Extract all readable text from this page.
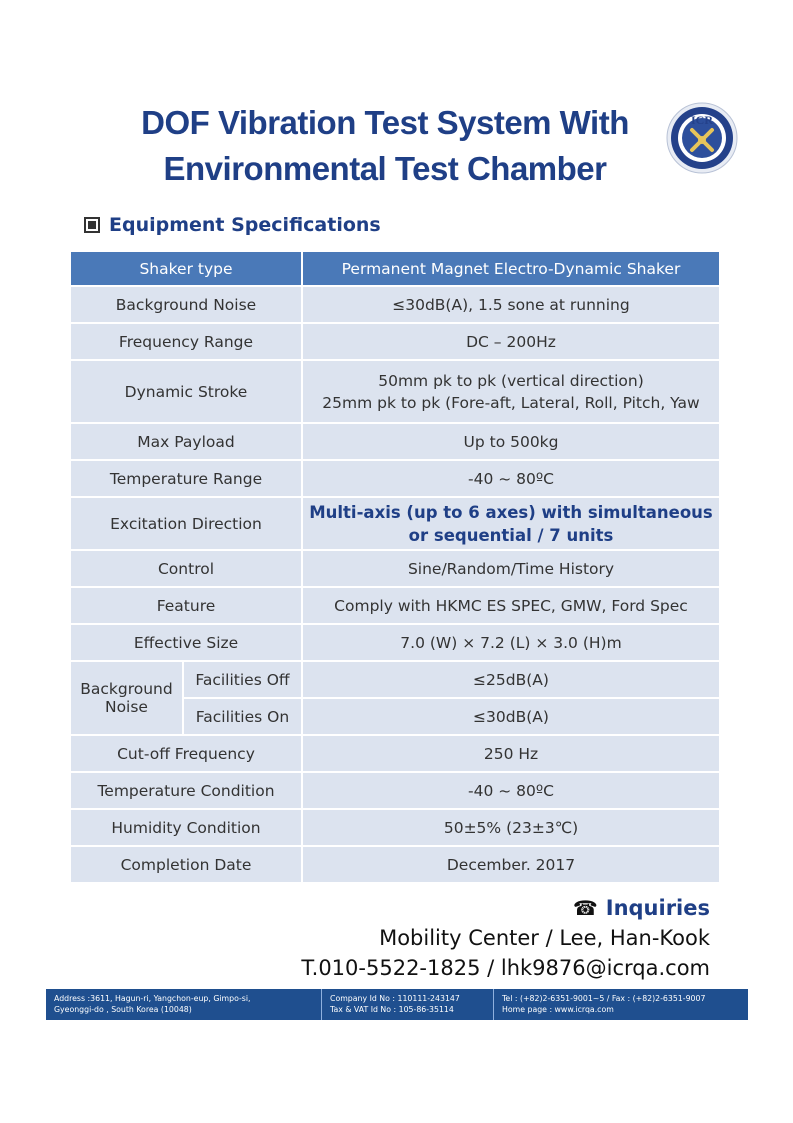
DOF Vibration Test System With
Environmental Test Chamber
ICR
Equipment Specifications
Shaker type		Permanent Magnet Electro-Dynamic Shaker
Background Noise		≤30dB(A), 1.5 sone at running
Frequency Range		DC – 200Hz
Dynamic Stroke		50mm pk to pk (vertical direction)
25mm pk to pk (Fore-aft, Lateral, Roll, Pitch, Yaw
Max Payload		Up to 500kg
Temperature Range		-40 ~ 80ºC
Excitation Direction		Multi-axis (up to 6 axes) with simultaneous
or sequential / 7 units
Control		Sine/Random/Time History
Feature		Comply with HKMC ES SPEC, GMW, Ford Spec
Effective Size		7.0 (W) × 7.2 (L) × 3.0 (H)m
Background
Noise	Facilities Off	≤25dB(A)
	Facilities On	≤30dB(A)
Cut-off Frequency		250 Hz
Temperature Condition		-40 ~ 80ºC
Humidity Condition		50±5% (23±3℃)
Completion Date		December. 2017
☎ Inquiries
Mobility Center / Lee, Han-Kook
T.010-5522-1825 / lhk9876@icrqa.com
Address :3611, Hagun-ri, Yangchon-eup, Gimpo-si,
Gyeonggi-do , South Korea (10048)
Company Id No : 110111-243147
Tax & VAT Id No : 105-86-35114
Tel : (+82)2-6351-9001~5 / Fax : (+82)2-6351-9007
Home page : www.icrqa.com
